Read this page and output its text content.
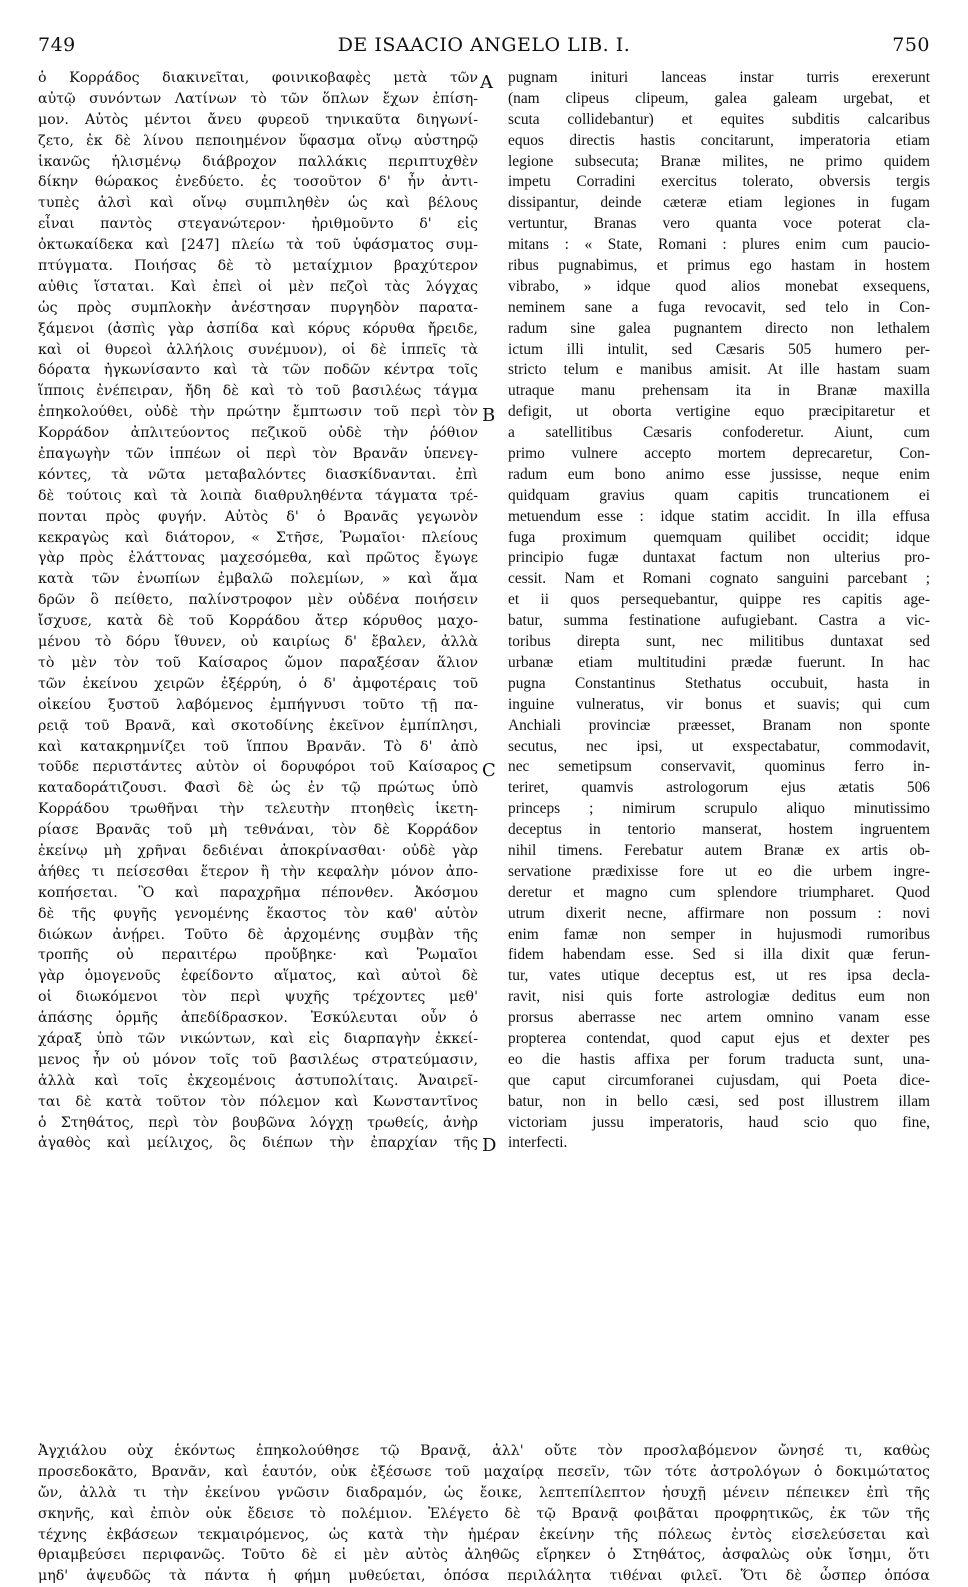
749	DE ISAACIO ANGELO LIB. I.	750
ὁ Κορράδος διακινεῖται, φοινικοβαφὲς μετὰ τῶν
αὐτῷ συνόντων Λατίνων τὸ τῶν ὅπλων ἔχων ἐπίση-
μον. Αὐτὸς μέντοι ἄνευ φυρεοῦ τηνικαῦτα διηγωνί-
ζετο, ἐκ δὲ λίνου πεποιημένον ὕφασμα οἴνῳ αὐστηρῷ
ἱκανῶς ἡλισμένῳ διάβροχον παλλάκις περιπτυχθὲν
δίκην θώρακος ἐνεδύετο. ἐς τοσοῦτον δ' ἦν ἀντι-
τυπὲς ἁλσὶ καὶ οἴνῳ συμπιληθὲν ὡς καὶ βέλους
εἶναι παντὸς στεγανώτερον· ἠριθμοῦντο δ' εἰς
ὀκτωκαίδεκα καὶ [247] πλείω τὰ τοῦ ὑφάσματος συμ-
πτύγματα. Ποιήσας δὲ τὸ μεταίχμιον βραχύτερον
αὐθις ἵσταται. Καὶ ἐπεὶ οἱ μὲν πεζοὶ τὰς λόγχας
ὡς πρὸς συμπλοκὴν ἀνέστησαν πυργηδὸν παρατα-
ξάμενοι (ἀσπὶς γὰρ ἀσπίδα καὶ κόρυς κόρυθα ἤρειδε,
καὶ οἱ θυρεοὶ ἀλλήλοις συνέμυον), οἱ δὲ ἱππεῖς τὰ
δόρατα ἠγκωνίσαντο καὶ τὰ τῶν ποδῶν κέντρα τοῖς
ἵπποις ἐνέπειραν, ἤδη δὲ καὶ τὸ τοῦ βασιλέως τάγμα
ἐπηκολούθει, οὐδὲ τὴν πρώτην ἔμπτωσιν τοῦ περὶ τὸν
Κορράδον ἀπλιτεύοντος πεζικοῦ οὐδὲ τὴν ῥόθιον
ἐπαγωγὴν τῶν ἱππέων οἱ περὶ τὸν Βρανᾶν ὑπενεγ-
κόντες, τὰ νῶτα μεταβαλόντες διασκίδνανται. ἐπὶ
δὲ τούτοις καὶ τὰ λοιπὰ διαθρυληθέντα τάγματα τρέ-
πονται πρὸς φυγήν. Αὐτὸς δ' ὁ Βρανᾶς γεγωνὸν
κεκραγὼς καὶ διάτορον, « Στῆσε, Ῥωμαῖοι· πλείους
γὰρ πρὸς ἐλάττονας μαχεσόμεθα, καὶ πρῶτος ἔγωγε
κατὰ τῶν ἐνωπίων ἐμβαλῶ πολεμίων, » καὶ ἅμα
δρῶν ὃ πείθετο, παλίνστροφον μὲν οὐδένα ποιήσειν
ἴσχυσε, κατὰ δὲ τοῦ Κορράδου ἄτερ κόρυθος μαχο-
μένου τὸ δόρυ ἴθυνεν, οὐ καιρίως δ' ἔβαλεν, ἀλλὰ
τὸ μὲν τὸν τοῦ Καίσαρος ὤμον παραξέσαν ἅλιον
τῶν ἐκείνου χειρῶν ἐξέρρύη, ὁ δ' ἀμφοτέραις τοῦ
οἰκείου ξυστοῦ λαβόμενος ἐμπήγνυσι τοῦτο τῇ πα-
ρειᾷ τοῦ Βρανᾶ, καὶ σκοτοδίνης ἐκεῖνον ἐμπίπλησι,
καὶ κατακρημνίζει τοῦ ἵππου Βρανᾶν. Τὸ δ' ἀπὸ
τοῦδε περιστάντες αὐτὸν οἱ δορυφόροι τοῦ Καίσαρος
καταδοράτιζουσι. Φασὶ δὲ ὡς ἐν τῷ πρώτως ὑπὸ
Κορράδου τρωθῆναι τὴν τελευτὴν πτοηθεὶς ἱκετη-
ρίασε Βρανᾶς τοῦ μὴ τεθνάναι, τὸν δὲ Κορράδον
ἐκείνῳ μὴ χρῆναι δεδιέναι ἀποκρίνασθαι· οὐδὲ γὰρ
ἀήθες τι πείσεσθαι ἕτερον ἢ τὴν κεφαλὴν μόνον ἀπο-
κοπήσεται. Ὃ καὶ παραχρῆμα πέπονθεν. Ἀκόσμου
δὲ τῆς φυγῆς γενομένης ἕκαστος τὸν καθ' αὑτὸν
διώκων ἀνῄρει. Τοῦτο δὲ ἀρχομένης συμβὰν τῆς
τροπῆς οὐ περαιτέρω προὔβηκε· καὶ Ῥωμαῖοι
γὰρ ὁμογενοῦς ἐφείδοντο αἵματος, καὶ αὐτοὶ δὲ
οἱ διωκόμενοι τὸν περὶ ψυχῆς τρέχοντες μεθ'
ἁπάσης ὁρμῆς ἀπεδίδρασκον. Ἐσκύλευται οὖν ὁ
χάραξ ὑπὸ τῶν νικώντων, καὶ εἰς διαρπαγὴν ἐκκεί-
μενος ἦν οὐ μόνον τοῖς τοῦ βασιλέως στρατεύμασιν,
ἀλλὰ καὶ τοῖς ἐκχεομένοις ἀστυπολίταις. Ἀναιρεῖ-
ται δὲ κατὰ τοῦτον τὸν πόλεμον καὶ Κωνσταντῖνος
ὁ Στηθάτος, περὶ τὸν βουβῶνα λόγχῃ τρωθείς, ἀνὴρ
ἀγαθὸς καὶ μείλιχος, ὃς διέπων τὴν ἐπαρχίαν τῆς
pugnam inituri lanceas instar turris erexerunt
(nam clipeus clipeum, galea galeam urgebat, et
scuta collidebantur) et equites subditis calcaribus
equos directis hastis concitarunt, imperatoria etiam
legione subsecuta; Branæ milites, ne primo quidem
impetu Corradini exercitus tolerato, obversis tergis
dissipantur, deinde cæteræ etiam legiones in fugam
vertuntur, Branas vero quanta voce poterat cla-
mitans : « State, Romani : plures enim cum paucio-
ribus pugnabimus, et primus ego hastam in hostem
vibrabo, » idque quod alios monebat exsequens,
neminem sane a fuga revocavit, sed telo in Con-
radum sine galea pugnantem directo non lethalem
ictum illi intulit, sed Cæsaris 505 humero per-
stricto telum e manibus amisit. At ille hastam suam
utraque manu prehensam ita in Branæ maxilla
defigit, ut oborta vertigine equo præcipitaretur et
a satellitibus Cæsaris confoderetur. Aiunt, cum
primo vulnere accepto mortem deprecaretur, Con-
radum eum bono animo esse jussisse, neque enim
quidquam gravius quam capitis truncationem ei
metuendum esse : idque statim accidit. In illa effusa
fuga proximum quemquam quilibet occidit; idque
principio fugæ duntaxat factum non ulterius pro-
cessit. Nam et Romani cognato sanguini parcebant ;
et ii quos persequebantur, quippe res capitis age-
batur, summa festinatione aufugiebant. Castra a vic-
toribus direpta sunt, nec militibus duntaxat sed
urbanæ etiam multitudini prædæ fuerunt. In hac
pugna Constantinus Stethatus occubuit, hasta in
inguine vulneratus, vir bonus et suavis; qui cum
Anchiali provinciæ præesset, Branam non sponte
secutus, nec ipsi, ut exspectabatur, commodavit,
nec semetipsum conservavit, quominus ferro in-
teriret, quamvis astrologorum ejus ætatis 506
princeps ; nimirum scrupulo aliquo minutissimo
deceptus in tentorio manserat, hostem ingruentem
nihil timens. Ferebatur autem Branæ ex artis ob-
servatione prædixisse fore ut eo die urbem ingre-
deretur et magno cum splendore triumpharet. Quod
utrum dixerit necne, affirmare non possum : novi
enim famæ non semper in hujusmodi rumoribus
fidem habendam esse. Sed si illa dixit quæ ferun-
tur, vates utique deceptus est, ut res ipsa decla-
ravit, nisi quis forte astrologiæ deditus eum non
prorsus aberrasse nec artem omnino vanam esse
propterea contendat, quod caput ejus et dexter pes
eo die hastis affixa per forum traducta sunt, una-
que caput circumforanei cujusdam, qui Poeta dice-
batur, non in bello cæsi, sed post illustrem illam
victoriam jussu imperatoris, haud scio quo fine,
interfecti.
A
B
C
D
Ἀγχιάλου οὐχ ἑκόντως ἐπηκολούθησε τῷ Βρανᾷ, ἀλλ' οὔτε τὸν προσλαβόμενον ὤνησέ τι, καθὼς
προσεδοκᾶτο, Βρανᾶν, καὶ ἑαυτόν, οὐκ ἐξέσωσε τοῦ μαχαίρᾳ πεσεῖν, τῶν τότε ἀστρολόγων ὁ δοκιμώτατος
ὤν, ἀλλὰ τι τὴν ἐκείνου γνῶσιν διαδραμόν, ὡς ἔοικε, λεπτεπίλεπτον ἡσυχῇ μένειν πέπεικεν ἐπὶ τῆς
σκηνῆς, καὶ ἐπιὸν οὐκ ἔδεισε τὸ πολέμιον. Ἐλέγετο δὲ τῷ Βρανᾷ φοιβᾶται προφρητικῶς, ἐκ τῶν τῆς
τέχνης ἐκβάσεων τεκμαιρόμενος, ὡς κατὰ τὴν ἡμέραν ἐκείνην τῆς πόλεως ἐντὸς εἰσελεύσεται καὶ
θριαμβεύσει περιφανῶς. Τοῦτο δὲ εἰ μὲν αὐτὸς ἀληθῶς εἴρηκεν ὁ Στηθάτος, ἀσφαλὼς οὐκ ἴσημι, ὅτι
μηδ' ἀψευδῶς τὰ πάντα ἡ φήμη μυθεύεται, ὁπόσα περιλάλητα τιθέναι φιλεῖ. Ὅτι δὲ ὧσπερ ὁπόσα
